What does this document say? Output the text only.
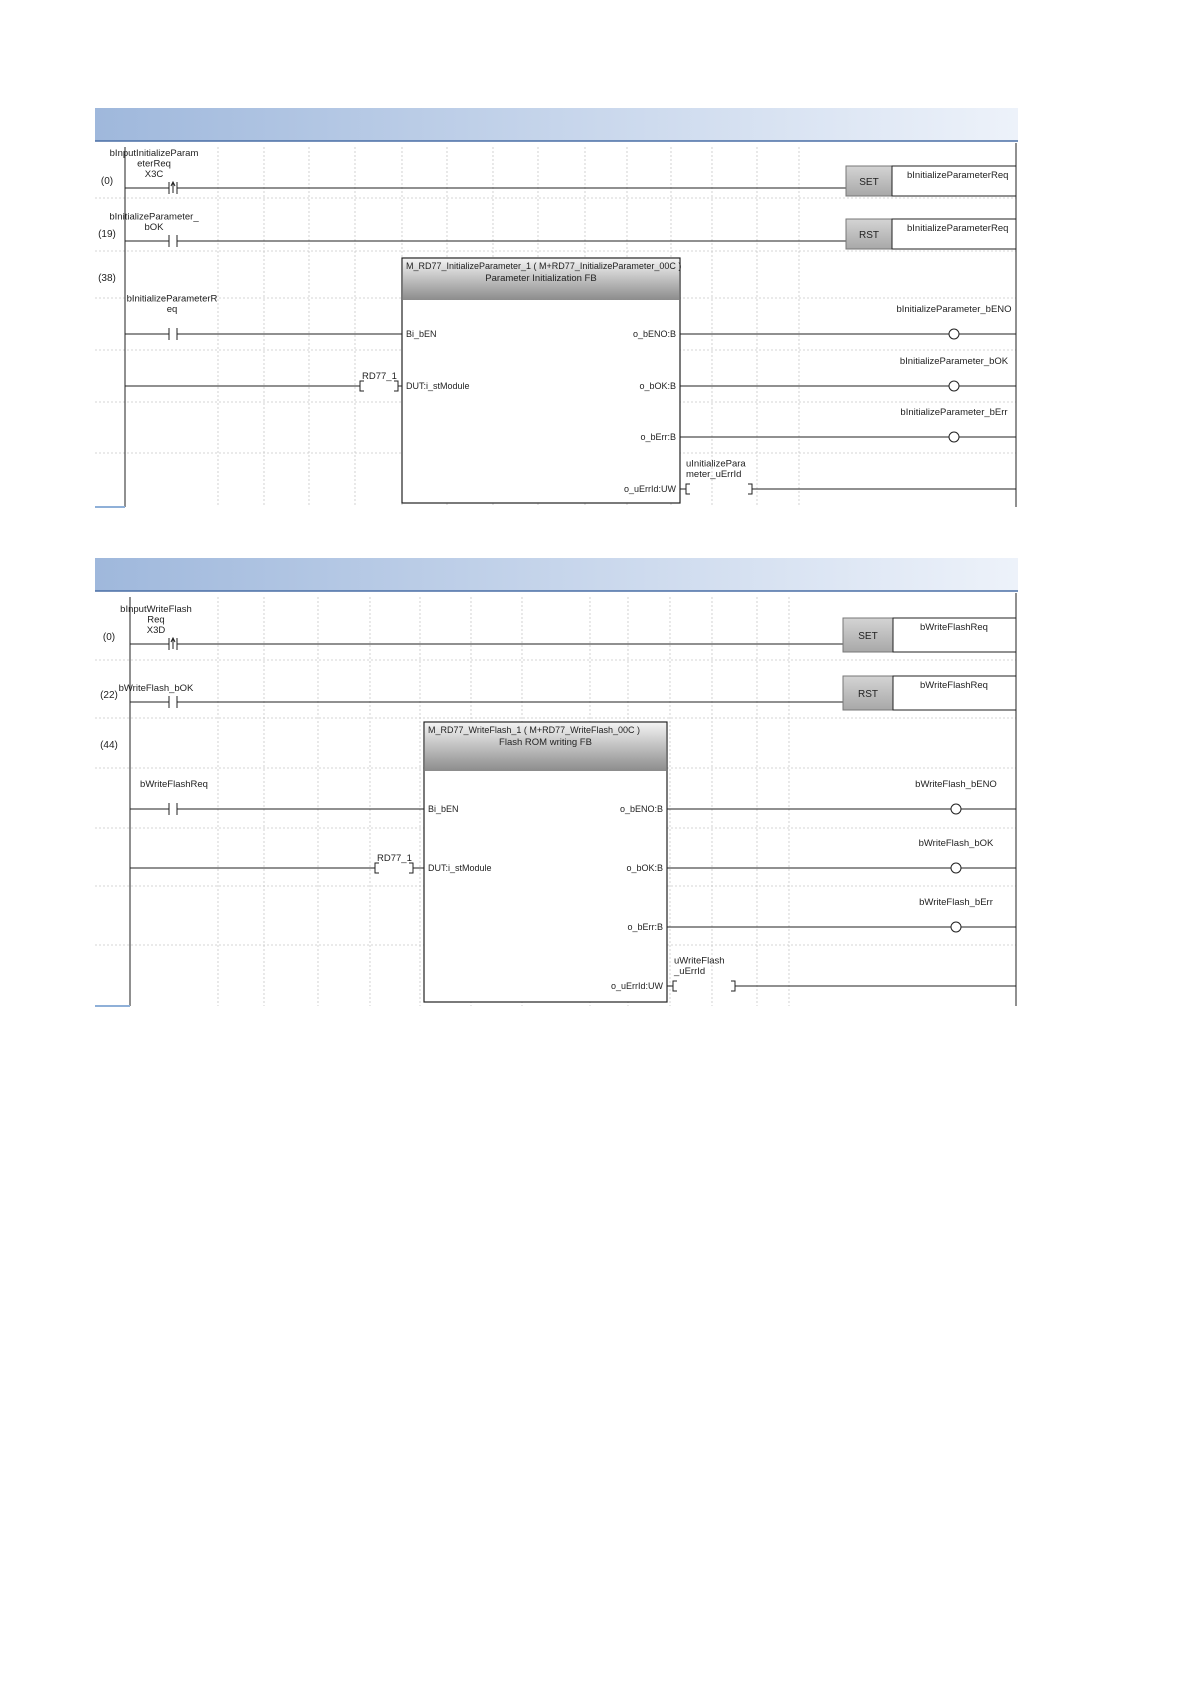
(0)
bInputInitializeParam eterReq X3C
SET
bInitializeParameterReq
(19)
bInitializeParameter_ bOK
RST
bInitializeParameterReq
(38)
M_RD77_InitializeParameter_1 ( M+RD77_InitializeParameter_00C )
Parameter Initialization FB
bInitializeParameterR eq
Bi_bEN
RD77_1
DUT:i_stModule
o_bENO:B
bInitializeParameter_bENO
o_bOK:B
bInitializeParameter_bOK
o_bErr:B
bInitializeParameter_bErr
o_uErrId:UW
uInitializePara meter_uErrId
(0)
bInputWriteFlash Req X3D
SET
bWriteFlashReq
(22)
bWriteFlash_bOK
RST
bWriteFlashReq
(44)
M_RD77_WriteFlash_1 ( M+RD77_WriteFlash_00C )
Flash ROM writing FB
bWriteFlashReq
Bi_bEN
RD77_1
DUT:i_stModule
o_bENO:B
bWriteFlash_bENO
o_bOK:B
bWriteFlash_bOK
o_bErr:B
bWriteFlash_bErr
o_uErrId:UW
uWriteFlash _uErrId
